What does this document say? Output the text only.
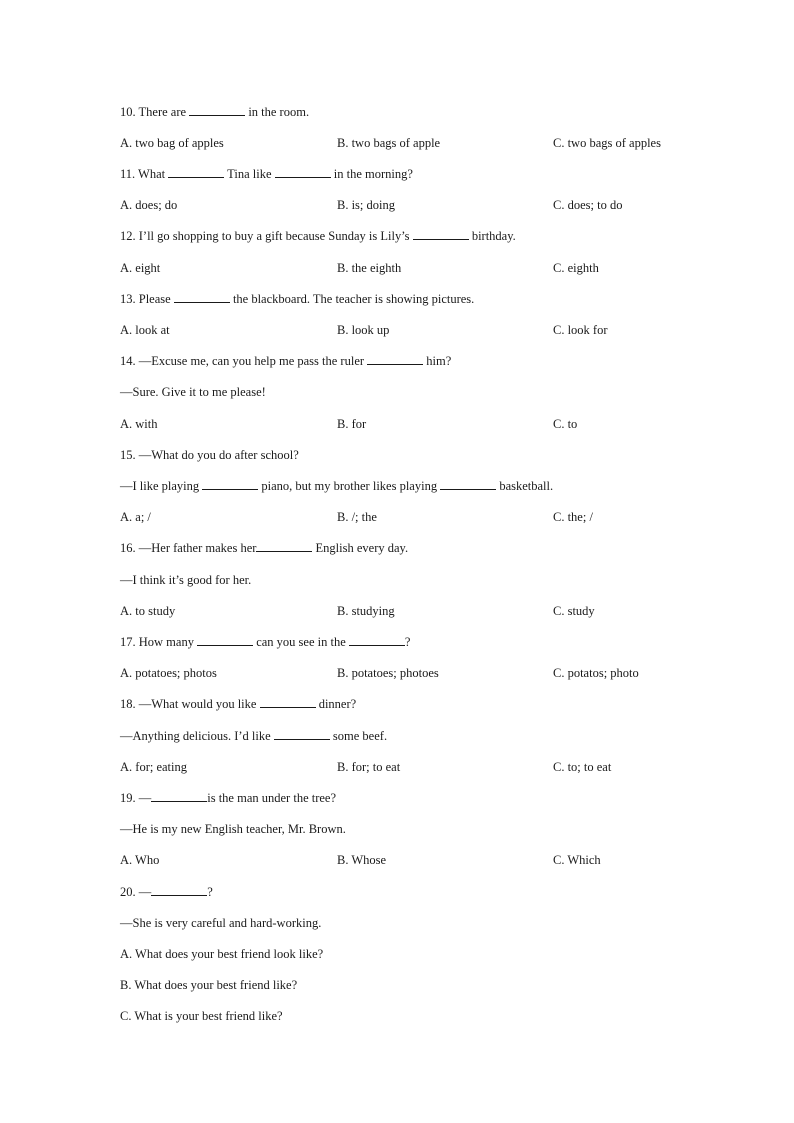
10. There are	in the room.
A. two bag of apples	B. two bags of apple	C. two bags of apples
11. What	Tina like	in the morning?
A. does; do	B. is; doing	C. does; to do
12. I’ll go shopping to buy a gift because Sunday is Lily’s	birthday.
A. eight	B. the eighth	C. eighth
13. Please	the blackboard. The teacher is showing pictures.
A. look at	B. look up	C. look for
14. —Excuse me, can you help me pass the ruler	him?
—Sure. Give it to me please!
A. with	B. for	C. to
15. —What do you do after school?
—I like playing	piano, but my brother likes playing	basketball.
A. a; /	B. /; the	C. the; /
16. —Her father makes her	English every day.
—I think it’s good for her.
A. to study	B. studying	C. study
17. How many	can you see in the	?
A. potatoes; photos	B. potatoes; photoes	C. potatos; photo
18. —What would you like	dinner?
—Anything delicious. I’d like	some beef.
A. for; eating	B. for; to eat	C. to; to eat
19. —	is the man under the tree?
—He is my new English teacher, Mr. Brown.
A. Who	B. Whose	C. Which
20. —	?
—She is very careful and hard-working.
A. What does your best friend look like?
B. What does your best friend like?
C. What is your best friend like?
